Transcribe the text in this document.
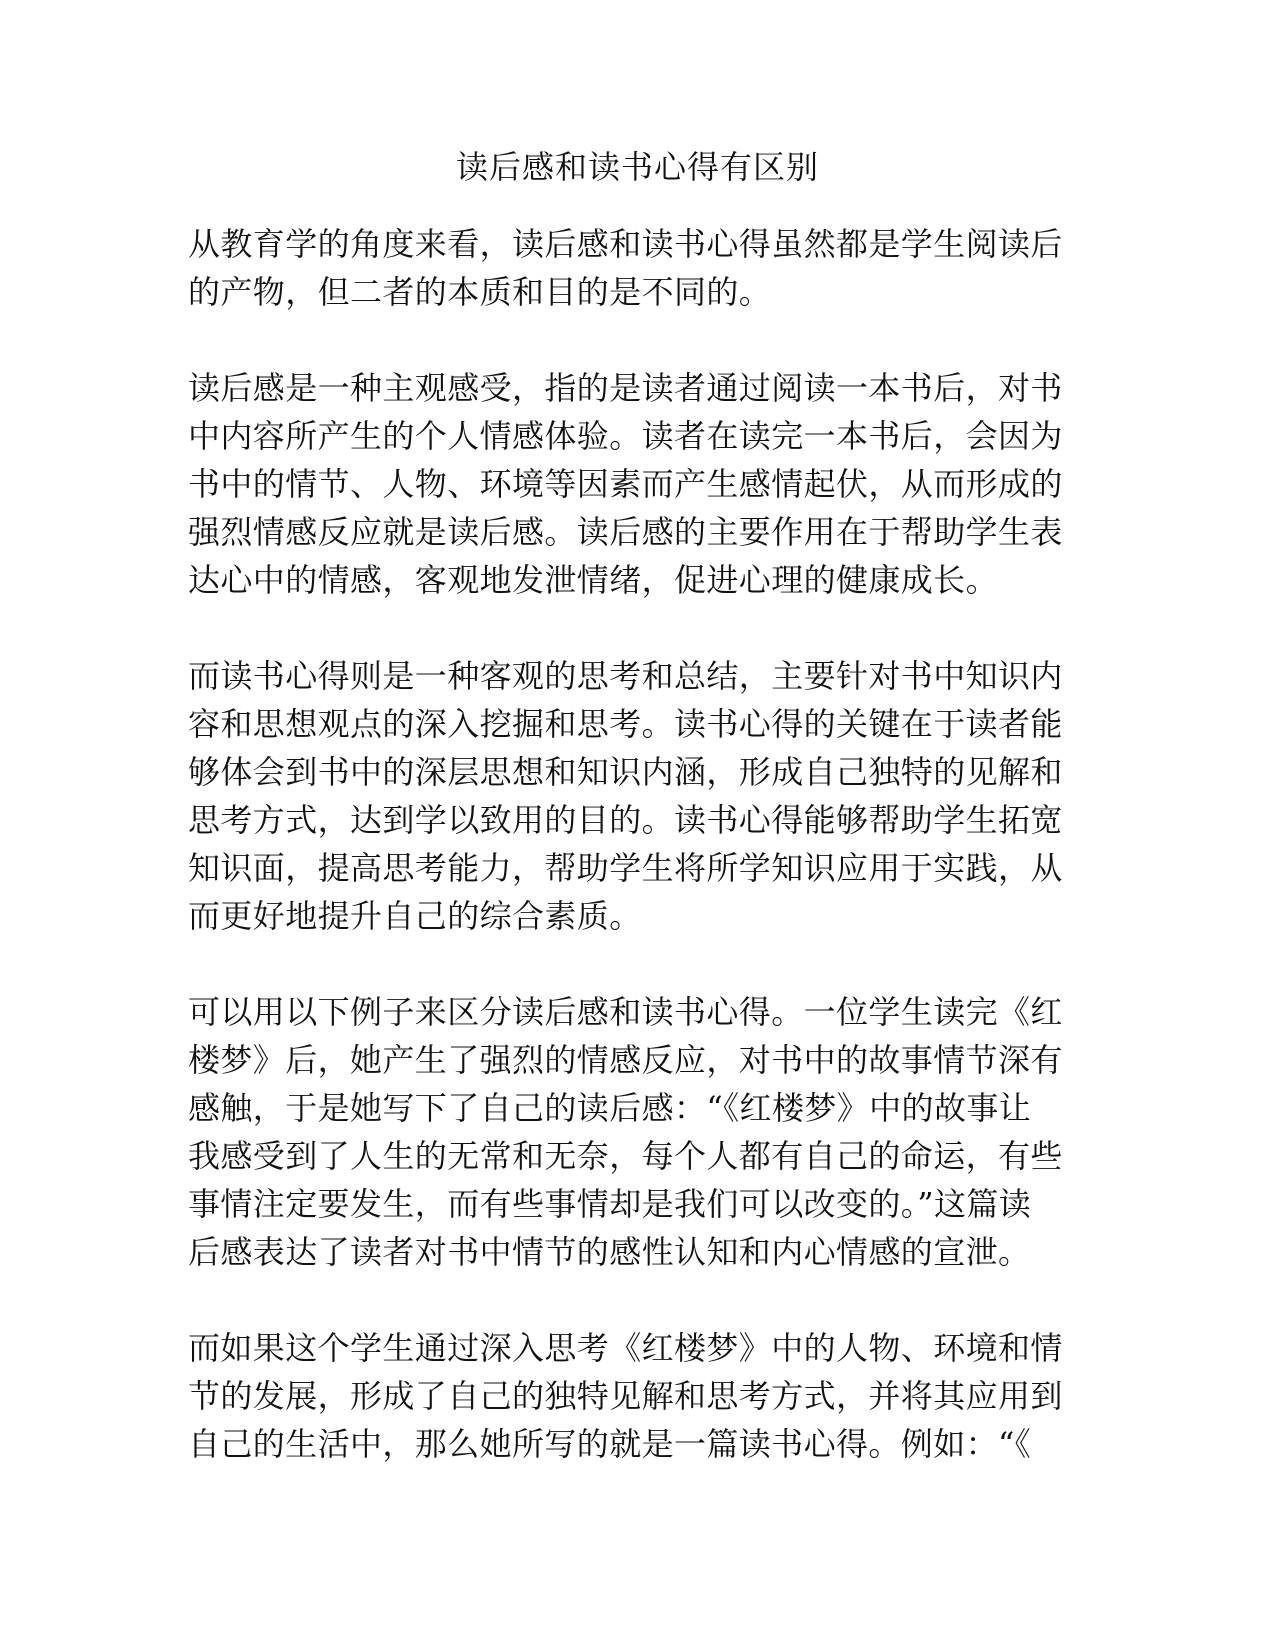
读后感和读书心得有区别

从教育学的角度来看，读后感和读书心得虽然都是学生阅读后
的产物，但二者的本质和目的是不同的。

读后感是一种主观感受，指的是读者通过阅读一本书后，对书
中内容所产生的个人情感体验。读者在读完一本书后，会因为
书中的情节、人物、环境等因素而产生感情起伏，从而形成的
强烈情感反应就是读后感。读后感的主要作用在于帮助学生表
达心中的情感，客观地发泄情绪，促进心理的健康成长。

而读书心得则是一种客观的思考和总结，主要针对书中知识内
容和思想观点的深入挖掘和思考。读书心得的关键在于读者能
够体会到书中的深层思想和知识内涵，形成自己独特的见解和
思考方式，达到学以致用的目的。读书心得能够帮助学生拓宽
知识面，提高思考能力，帮助学生将所学知识应用于实践，从
而更好地提升自己的综合素质。

可以用以下例子来区分读后感和读书心得。一位学生读完《红
楼梦》后，她产生了强烈的情感反应，对书中的故事情节深有
感触，于是她写下了自己的读后感：“《红楼梦》中的故事让
我感受到了人生的无常和无奈，每个人都有自己的命运，有些
事情注定要发生，而有些事情却是我们可以改变的。”这篇读
后感表达了读者对书中情节的感性认知和内心情感的宣泄。

而如果这个学生通过深入思考《红楼梦》中的人物、环境和情
节的发展，形成了自己的独特见解和思考方式，并将其应用到
自己的生活中，那么她所写的就是一篇读书心得。例如：“《
